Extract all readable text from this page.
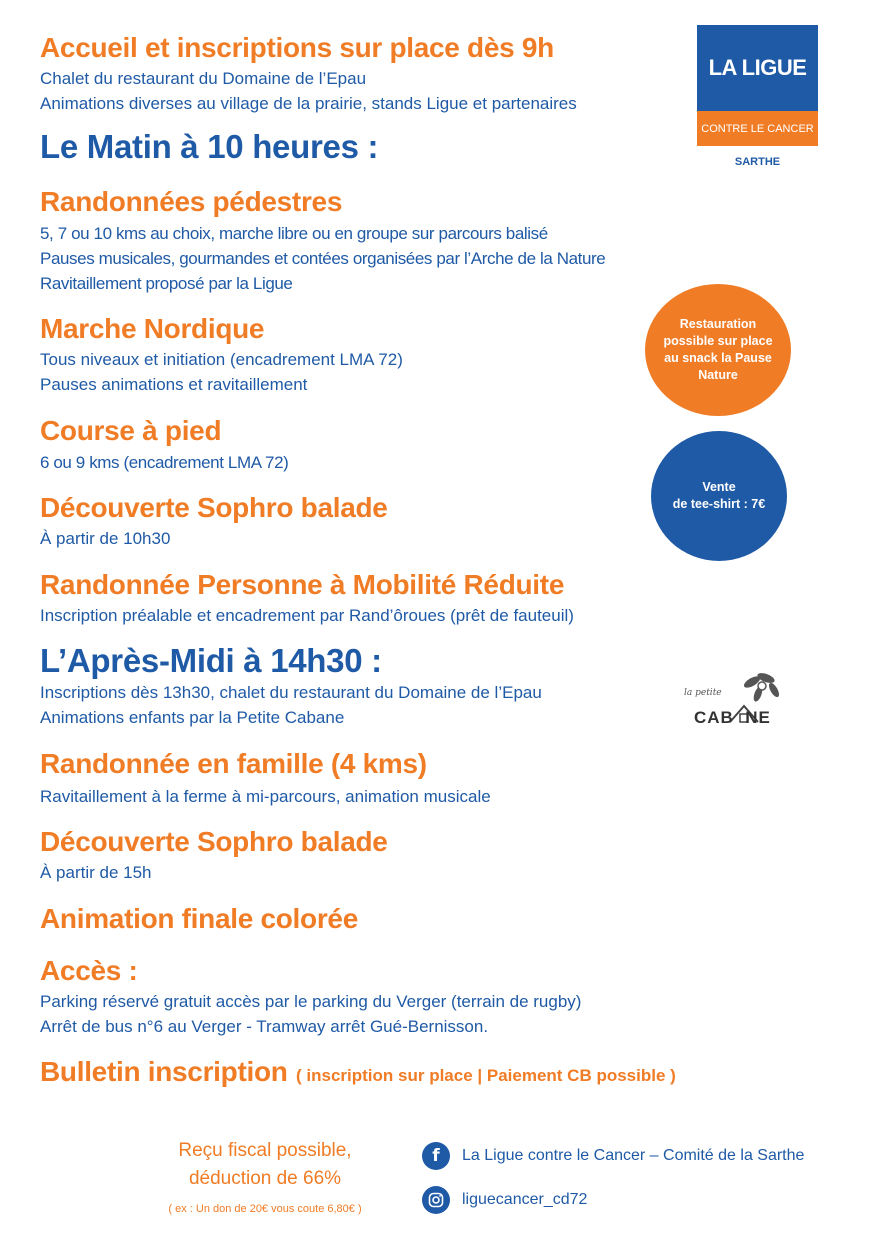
LA LIGUE
CONTRE LE CANCER
SARTHE
Accueil et inscriptions sur place dès 9h
Chalet du restaurant du Domaine de l’Epau
Animations diverses au village de la prairie, stands Ligue et partenaires
Le Matin à 10 heures :
Randonnées pédestres
5, 7 ou 10 kms au choix, marche libre ou en groupe sur parcours balisé
Pauses musicales, gourmandes et contées organisées par l’Arche de la Nature
Ravitaillement proposé par la Ligue
Marche Nordique
Tous niveaux et initiation (encadrement LMA 72)
Pauses animations et ravitaillement
Course à pied
6 ou 9 kms (encadrement LMA 72)
Découverte Sophro balade
À partir de 10h30
Randonnée Personne à Mobilité Réduite
Inscription préalable et encadrement par Rand’ôroues (prêt de fauteuil)
L’Après-Midi à 14h30 :
Inscriptions dès 13h30, chalet du restaurant du Domaine de l’Epau
Animations enfants par la Petite Cabane
Randonnée en famille (4 kms)
Ravitaillement à la ferme à mi-parcours, animation musicale
Découverte Sophro balade
À partir de 15h
Animation finale colorée
Accès :
Parking réservé gratuit accès par le parking du Verger (terrain de rugby)
Arrêt de bus n°6 au Verger - Tramway arrêt Gué-Bernisson.
Bulletin inscription ( inscription sur place | Paiement CB possible )
Restauration
possible sur place
au snack la Pause
Nature
Vente
de tee-shirt : 7€
la petite
CAB  NE
Reçu fiscal possible,
déduction de 66%
( ex : Un don de 20€ vous coute 6,80€ )
f La Ligue contre le Cancer – Comité de la Sarthe
liguecancer_cd72
